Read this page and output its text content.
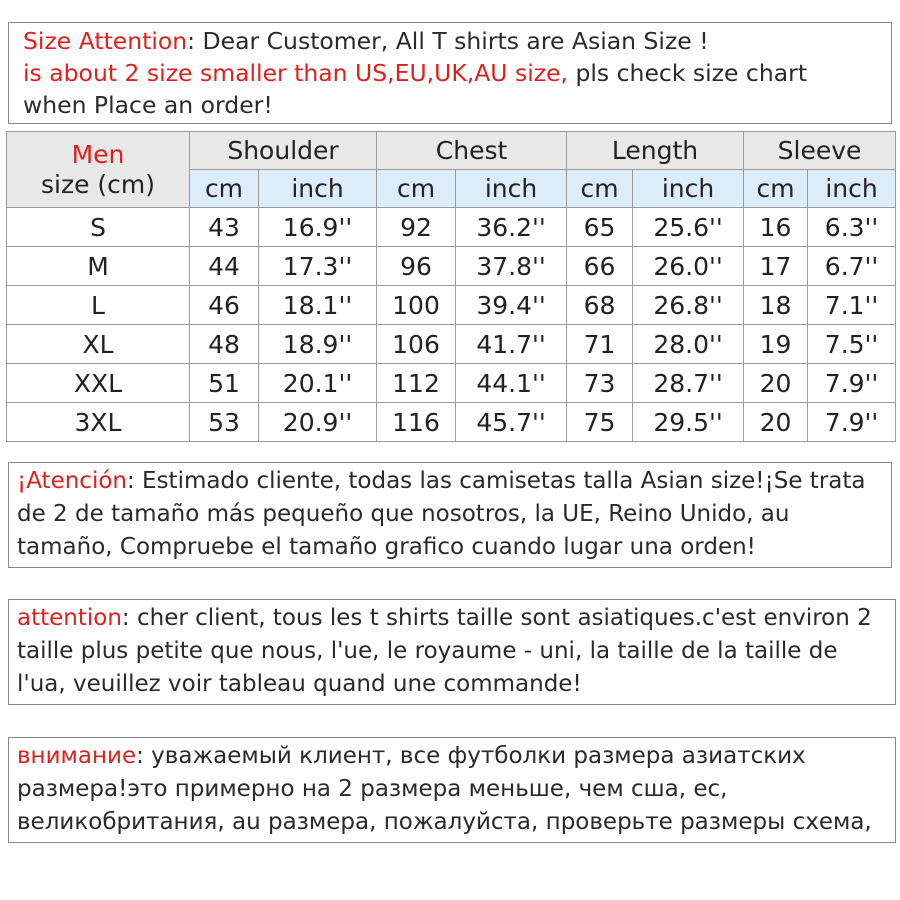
Size Attention: Dear Customer, All T shirts are Asian Size !
is about 2 size smaller than US,EU,UK,AU size, pls check size chart when Place an order!
Men
size (cm)	Shoulder		Chest		Length		Sleeve	
	cm	inch	cm	inch	cm	inch	cm	inch
S	43	16.9''	92	36.2''	65	25.6''	16	6.3''
M	44	17.3''	96	37.8''	66	26.0''	17	6.7''
L	46	18.1''	100	39.4''	68	26.8''	18	7.1''
XL	48	18.9''	106	41.7''	71	28.0''	19	7.5''
XXL	51	20.1''	112	44.1''	73	28.7''	20	7.9''
3XL	53	20.9''	116	45.7''	75	29.5''	20	7.9''
¡Atención: Estimado cliente, todas las camisetas talla Asian size!¡Se trata de 2 de tamaño más pequeño que nosotros, la UE, Reino Unido, au tamaño, Compruebe el tamaño grafico cuando lugar una orden!
attention: cher client, tous les t shirts taille sont asiatiques.c'est environ 2 taille plus petite que nous, l'ue, le royaume - uni, la taille de la taille de l'ua, veuillez voir tableau quand une commande!
внимание: уважаемый клиент, все футболки размера азиатских размера!это примерно на 2 размера меньше, чем сша, ес, великобритания, au размера, пожалуйста, проверьте размеры схема,
